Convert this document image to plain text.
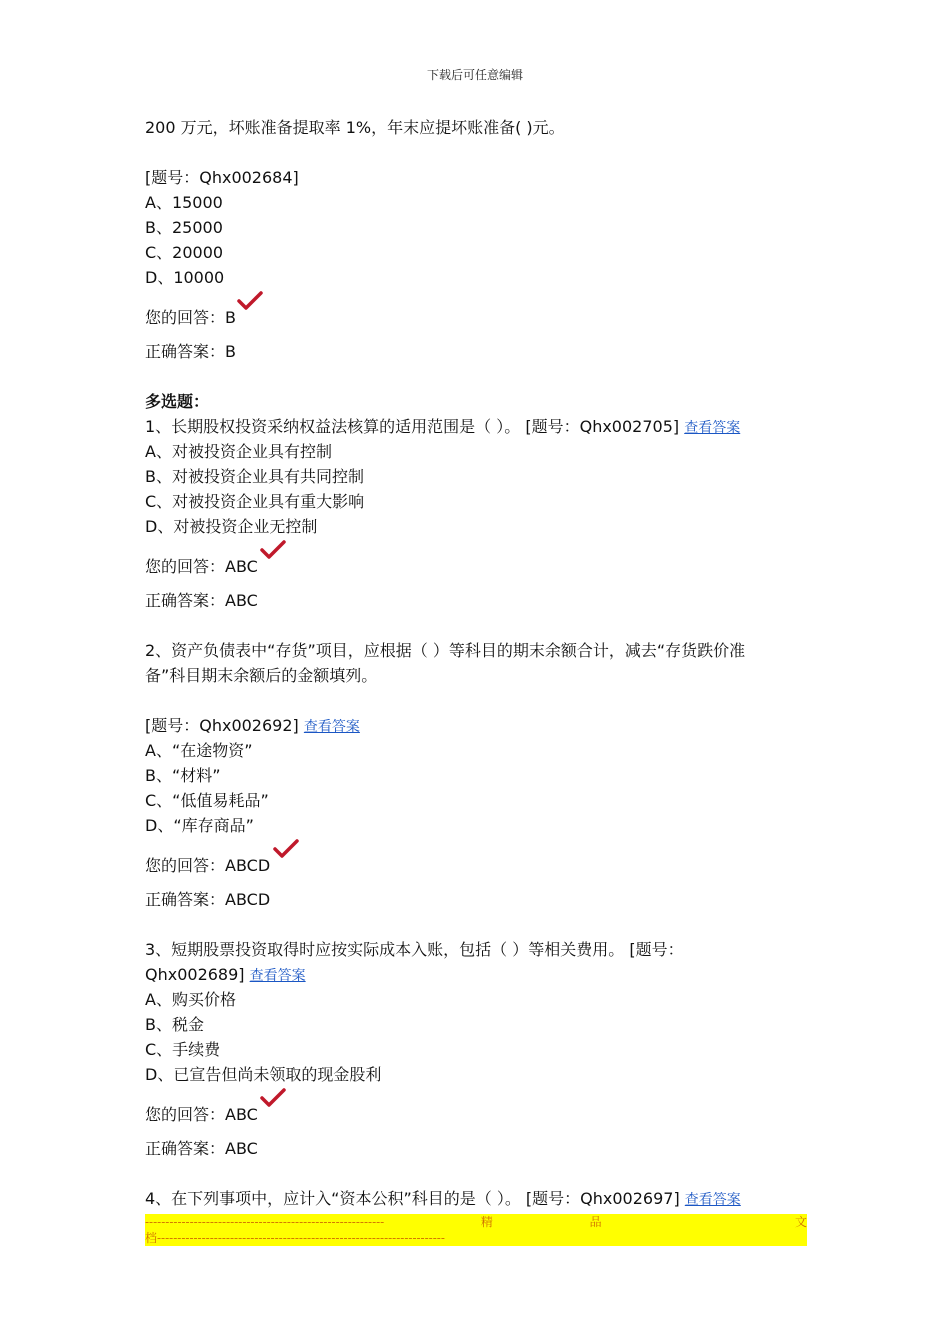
下载后可任意编辑
200 万元，坏账准备提取率 1%，年末应提坏账准备( )元。
[题号：Qhx002684]
A、15000
B、25000
C、20000
D、10000
您的回答：B
正确答案：B
多选题：
1、长期股权投资采纳权益法核算的适用范围是（ ）。 [题号：Qhx002705] 查看答案
A、对被投资企业具有控制
B、对被投资企业具有共同控制
C、对被投资企业具有重大影响
D、对被投资企业无控制
您的回答：ABC
正确答案：ABC
2、资产负债表中“存货”项目，应根据（ ）等科目的期末余额合计，减去“存货跌价准
备”科目期末余额后的金额填列。
[题号：Qhx002692] 查看答案
A、“在途物资”
B、“材料”
C、“低值易耗品”
D、“库存商品”
您的回答：ABCD
正确答案：ABCD
3、短期股票投资取得时应按实际成本入账，包括（ ）等相关费用。 [题号：
Qhx002689] 查看答案
A、购买价格
B、税金
C、手续费
D、已宣告但尚未领取的现金股利
您的回答：ABC
正确答案：ABC
4、在下列事项中，应计入“资本公积”科目的是（ ）。 [题号：Qhx002697] 查看答案
-----------------------------------------------------------	精	品	文
档-----------------------------------------------------------------------
